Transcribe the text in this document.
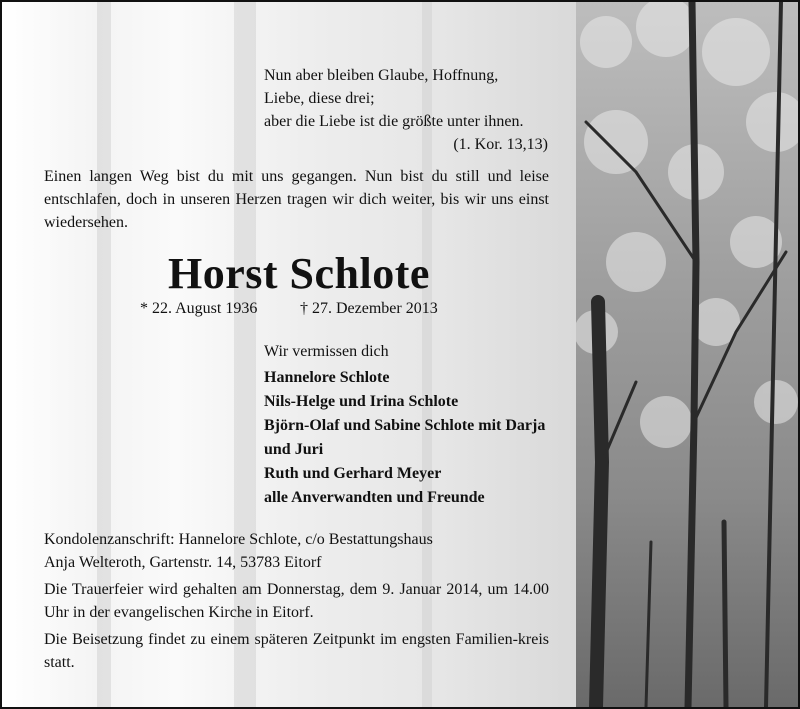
Nun aber bleiben Glaube, Hoffnung,
Liebe, diese drei;
aber die Liebe ist die größte unter ihnen.
(1. Kor. 13,13)
Einen langen Weg bist du mit uns gegangen. Nun bist du still und leise entschlafen, doch in unseren Herzen tragen wir dich weiter, bis wir uns einst wiedersehen.
Horst Schlote
* 22. August 1936	† 27. Dezember 2013
Wir vermissen dich
Hannelore Schlote
Nils-Helge und Irina Schlote
Björn-Olaf und Sabine Schlote mit Darja
und Juri
Ruth und Gerhard Meyer
alle Anverwandten und Freunde

Kondolenzanschrift: Hannelore Schlote, c/o Bestattungshaus
Anja Welteroth, Gartenstr. 14, 53783 Eitorf

Die Trauerfeier wird gehalten am Donnerstag, dem 9. Januar 2014, um 14.00 Uhr in der evangelischen Kirche in Eitorf.

Die Beisetzung findet zu einem späteren Zeitpunkt im engsten Familien-kreis statt.
